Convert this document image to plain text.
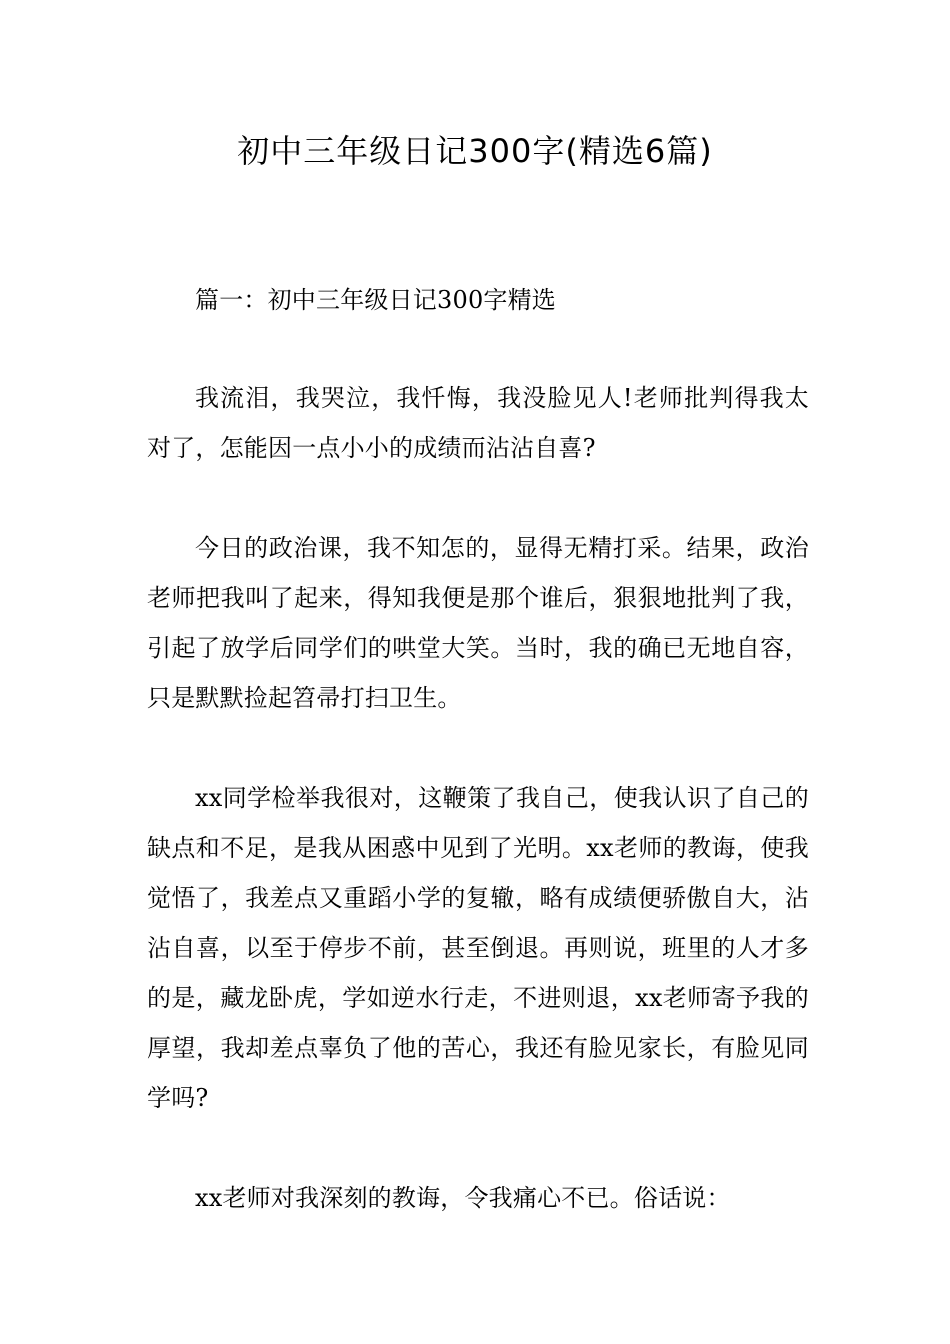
初中三年级日记300字(精选6篇)

篇一：初中三年级日记300字精选

我流泪，我哭泣，我忏悔，我没脸见人!老师批判得我太对了，怎能因一点小小的成绩而沾沾自喜?

今日的政治课，我不知怎的，显得无精打采。结果，政治老师把我叫了起来，得知我便是那个谁后，狠狠地批判了我，引起了放学后同学们的哄堂大笑。当时，我的确已无地自容，只是默默捡起笤帚打扫卫生。

xx同学检举我很对，这鞭策了我自己，使我认识了自己的缺点和不足，是我从困惑中见到了光明。xx老师的教诲，使我觉悟了，我差点又重蹈小学的复辙，略有成绩便骄傲自大，沾沾自喜，以至于停步不前，甚至倒退。再则说，班里的人才多的是，藏龙卧虎，学如逆水行走，不进则退，xx老师寄予我的厚望，我却差点辜负了他的苦心，我还有脸见家长，有脸见同学吗?

xx老师对我深刻的教诲，令我痛心不已。俗话说：
